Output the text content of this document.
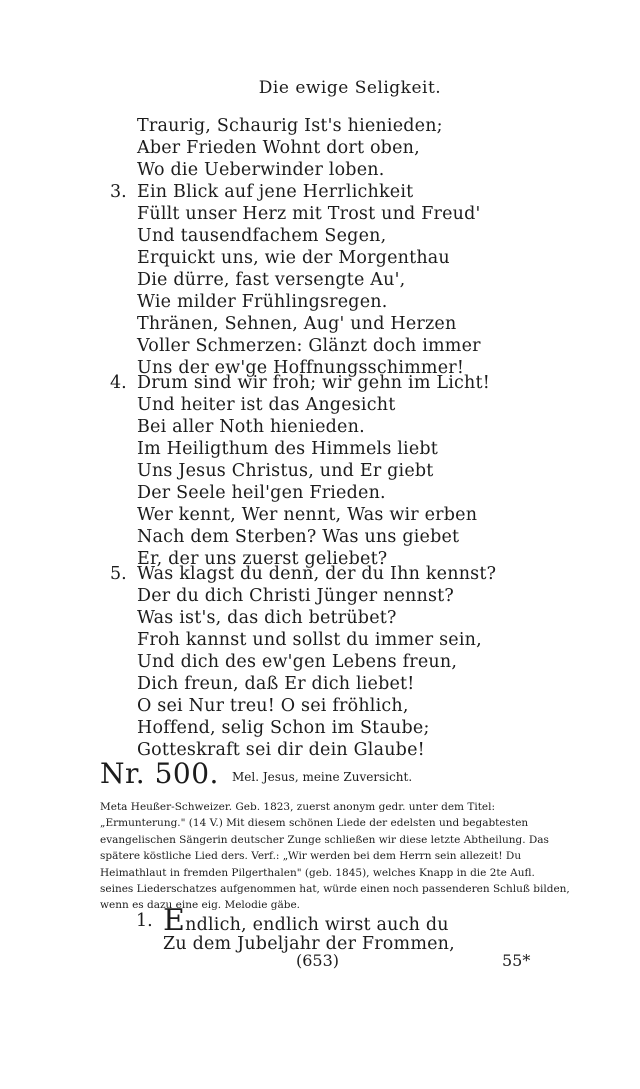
Die ewige Seligkeit.
Traurig, Schaurig Ist's hienieden;
Aber Frieden Wohnt dort oben,
Wo die Ueberwinder loben.
3. Ein Blick auf jene Herrlichkeit
Füllt unser Herz mit Trost und Freud'
Und tausendfachem Segen,
Erquickt uns, wie der Morgenthau
Die dürre, fast versengte Au',
Wie milder Frühlingsregen.
Thränen, Sehnen, Aug' und Herzen
Voller Schmerzen: Glänzt doch immer
Uns der ew'ge Hoffnungsschimmer!
4. Drum sind wir froh; wir gehn im Licht!
Und heiter ist das Angesicht
Bei aller Noth hienieden.
Im Heiligthum des Himmels liebt
Uns Jesus Christus, und Er giebt
Der Seele heil'gen Frieden.
Wer kennt, Wer nennt, Was wir erben
Nach dem Sterben? Was uns giebet
Er, der uns zuerst geliebet?
5. Was klagst du denn, der du Ihn kennst?
Der du dich Christi Jünger nennst?
Was ist's, das dich betrübet?
Froh kannst und sollst du immer sein,
Und dich des ew'gen Lebens freun,
Dich freun, daß Er dich liebet!
O sei Nur treu! O sei fröhlich,
Hoffend, selig Schon im Staube;
Gotteskraft sei dir dein Glaube!
Nr. 500. Mel. Jesus, meine Zuversicht.
Meta Heußer-Schweizer. Geb. 1823, zuerst anonym gedr. unter dem Titel:
„Ermunterung." (14 V.) Mit diesem schönen Liede der edelsten und begabtesten
evangelischen Sängerin deutscher Zunge schließen wir diese letzte Abtheilung. Das
spätere köstliche Lied ders. Verf.: „Wir werden bei dem Herrn sein allezeit! Du
Heimathlaut in fremden Pilgerthalen" (geb. 1845), welches Knapp in die 2te Aufl.
seines Liederschatzes aufgenommen hat, würde einen noch passenderen Schluß bilden,
wenn es dazu eine eig. Melodie gäbe.
1. Endlich, endlich wirst auch du
Zu dem Jubeljahr der Frommen,
(653)	55*
